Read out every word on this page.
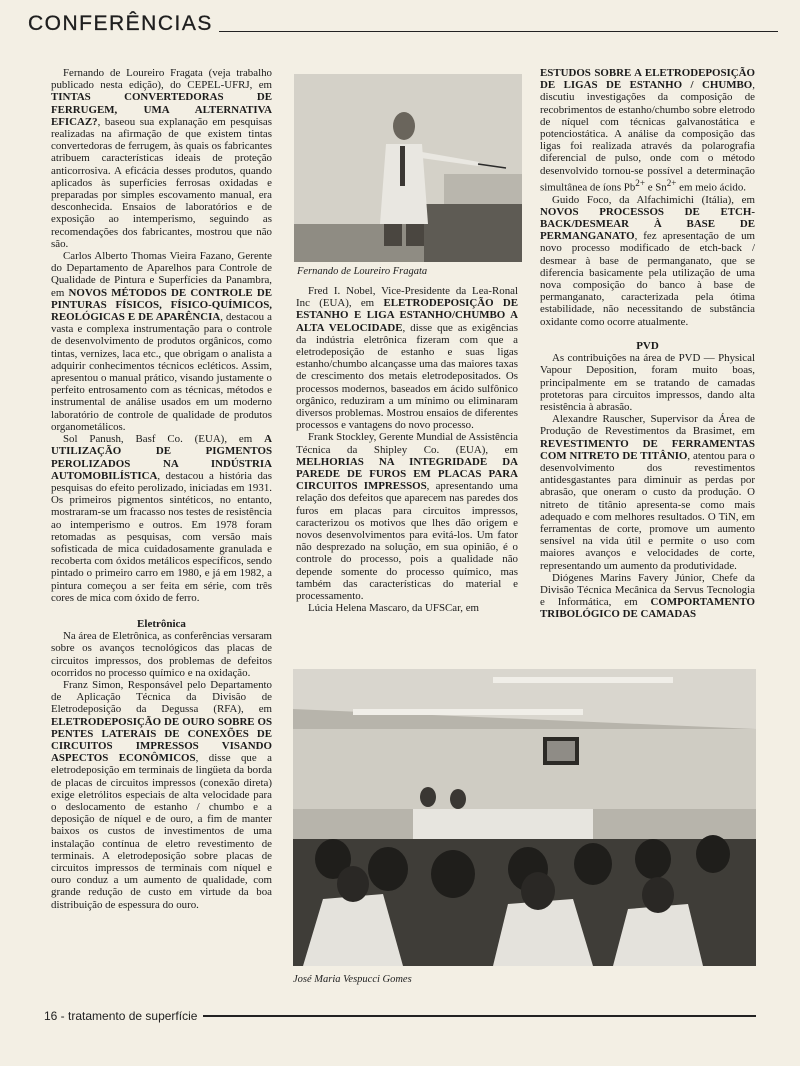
CONFERÊNCIAS

Fernando de Loureiro Fragata (veja trabalho publicado nesta edição), do CEPEL-UFRJ, em TINTAS CONVERTEDORAS DE FERRUGEM, UMA ALTERNATIVA EFICAZ?, baseou sua explanação em pesquisas realizadas na afirmação de que existem tintas convertedoras de ferrugem, às quais os fabricantes atribuem características ideais de proteção anticorrosiva. A eficácia desses produtos, quando aplicados às superfícies ferrosas oxidadas e preparadas por simples escovamento manual, era desconhecida. Ensaios de laboratórios e de exposição ao intemperismo, seguindo as recomendações dos fabricantes, mostrou que não são.

Carlos Alberto Thomas Vieira Fazano, Gerente do Departamento de Aparelhos para Controle de Qualidade de Pintura e Superfícies da Panambra, em NOVOS MÉTODOS DE CONTROLE DE PINTURAS FÍSICOS, FÍSICO-QUÍMICOS, REOLÓGICAS E DE APARÊNCIA, destacou a vasta e complexa instrumentação para o controle de desenvolvimento de produtos orgânicos, como tintas, vernizes, laca etc., que obrigam o analista a adquirir conhecimentos técnicos ecléticos. Assim, apresentou o manual prático, visando justamente o perfeito entrosamento com as técnicas, métodos e instrumental de análise usados em um moderno laboratório de controle de qualidade de produtos organometálicos.

Sol Panush, Basf Co. (EUA), em A UTILIZAÇÃO DE PIGMENTOS PEROLIZADOS NA INDÚSTRIA AUTOMOBILÍSTICA, destacou a história das pesquisas do efeito perolizado, iniciadas em 1931. Os primeiros pigmentos sintéticos, no entanto, mostraram-se um fracasso nos testes de resistência ao intemperismo e outros. Em 1978 foram retomadas as pesquisas, com versão mais sofisticada de mica cuidadosamente granulada e recoberta com óxidos metálicos específicos, sendo pintado o primeiro carro em 1980, e já em 1982, a pintura começou a ser feita em série, com três cores de mica com óxido de ferro.

Eletrônica

Na área de Eletrônica, as conferências versaram sobre os avanços tecnológicos das placas de circuitos impressos, dos problemas de defeitos ocorridos no processo químico e na oxidação.

Franz Simon, Responsável pelo Departamento de Aplicação Técnica da Divisão de Eletrodeposição da Degussa (RFA), em ELETRODEPOSIÇÃO DE OURO SOBRE OS PENTES LATERAIS DE CONEXÕES DE CIRCUITOS IMPRESSOS VISANDO ASPECTOS ECONÔMICOS, disse que a eletrodeposição em terminais de lingüeta da borda de placas de circuitos impressos (conexão direta) exige eletrólitos especiais de alta velocidade para o deslocamento de estanho / chumbo e a deposição de níquel e de ouro, a fim de manter baixos os custos de investimentos de uma instalação contínua de eletro revestimento de terminais. A eletrodeposição sobre placas de circuitos impressos de terminais com níquel e ouro conduz a um aumento de qualidade, com grande redução de custo em virtude da boa distribuição de espessura do ouro.

Fernando de Loureiro Fragata

Fred I. Nobel, Vice-Presidente da Lea-Ronal Inc (EUA), em ELETRODEPOSIÇÃO DE ESTANHO E LIGA ESTANHO/CHUMBO A ALTA VELOCIDADE, disse que as exigências da indústria eletrônica fizeram com que a eletrodeposição de estanho e suas ligas estanho/chumbo alcançasse uma das maiores taxas de crescimento dos metais eletrodepositados. Os processos modernos, baseados em ácido sulfônico orgânico, reduziram a um mínimo ou eliminaram diversos problemas. Mostrou ensaios de diferentes processos e vantagens do novo processo.

Frank Stockley, Gerente Mundial de Assistência Técnica da Shipley Co. (EUA), em MELHORIAS NA INTEGRIDADE DA PAREDE DE FUROS EM PLACAS PARA CIRCUITOS IMPRESSOS, apresentando uma relação dos defeitos que aparecem nas paredes dos furos em placas para circuitos impressos, caracterizou os motivos que lhes dão origem e novos desenvolvimentos para evitá-los. Um fator não desprezado na solução, em sua opinião, é o controle do processo, pois a qualidade não depende somente do processo químico, mas também das características do material e processamento.

Lúcia Helena Mascaro, da UFSCar, em

ESTUDOS SOBRE A ELETRODEPOSIÇÃO DE LIGAS DE ESTANHO / CHUMBO, discutiu investigações da composição de recobrimentos de estanho/chumbo sobre eletrodo de níquel com técnicas galvanostática e potenciostática. A análise da composição das ligas foi realizada através da polarografia diferencial de pulso, onde com o método desenvolvido tornou-se possível a determinação simultânea de íons $Pb^{2+}$ e $Sn^{2+}$ em meio ácido.

Guido Foco, da Alfachimichi (Itália), em NOVOS PROCESSOS DE ETCH-BACK/DESMEAR À BASE DE PERMANGANATO, fez apresentação de um novo processo modificado de etch-back / desmear à base de permanganato, que se diferencia basicamente pela utilização de uma nova composição do banco à base de permanganato, caracterizada pela ótima estabilidade, não necessitando de substância oxidante como ocorre atualmente.

PVD

As contribuições na área de PVD — Physical Vapour Deposition, foram muito boas, principalmente em se tratando de camadas protetoras para circuitos impressos, dando alta resistência à abrasão.

Alexandre Rauscher, Supervisor da Área de Produção de Revestimentos da Brasimet, em REVESTIMENTO DE FERRAMENTAS COM NITRETO DE TITÂNIO, atentou para o desenvolvimento dos revestimentos antidesgastantes para diminuir as perdas por abrasão, que oneram o custo da produção. O nitreto de titânio apresenta-se como mais adequado e com melhores resultados. O TiN, em ferramentas de corte, promove um aumento sensível na vida útil e permite o uso com maiores avanços e velocidades de corte, representando um aumento da produtividade.

Diógenes Marins Favery Júnior, Chefe da Divisão Técnica Mecânica da Servus Tecnologia e Informática, em COMPORTAMENTO TRIBOLÓGICO DE CAMADAS

José Maria Vespucci Gomes
16 - tratamento de superfície
